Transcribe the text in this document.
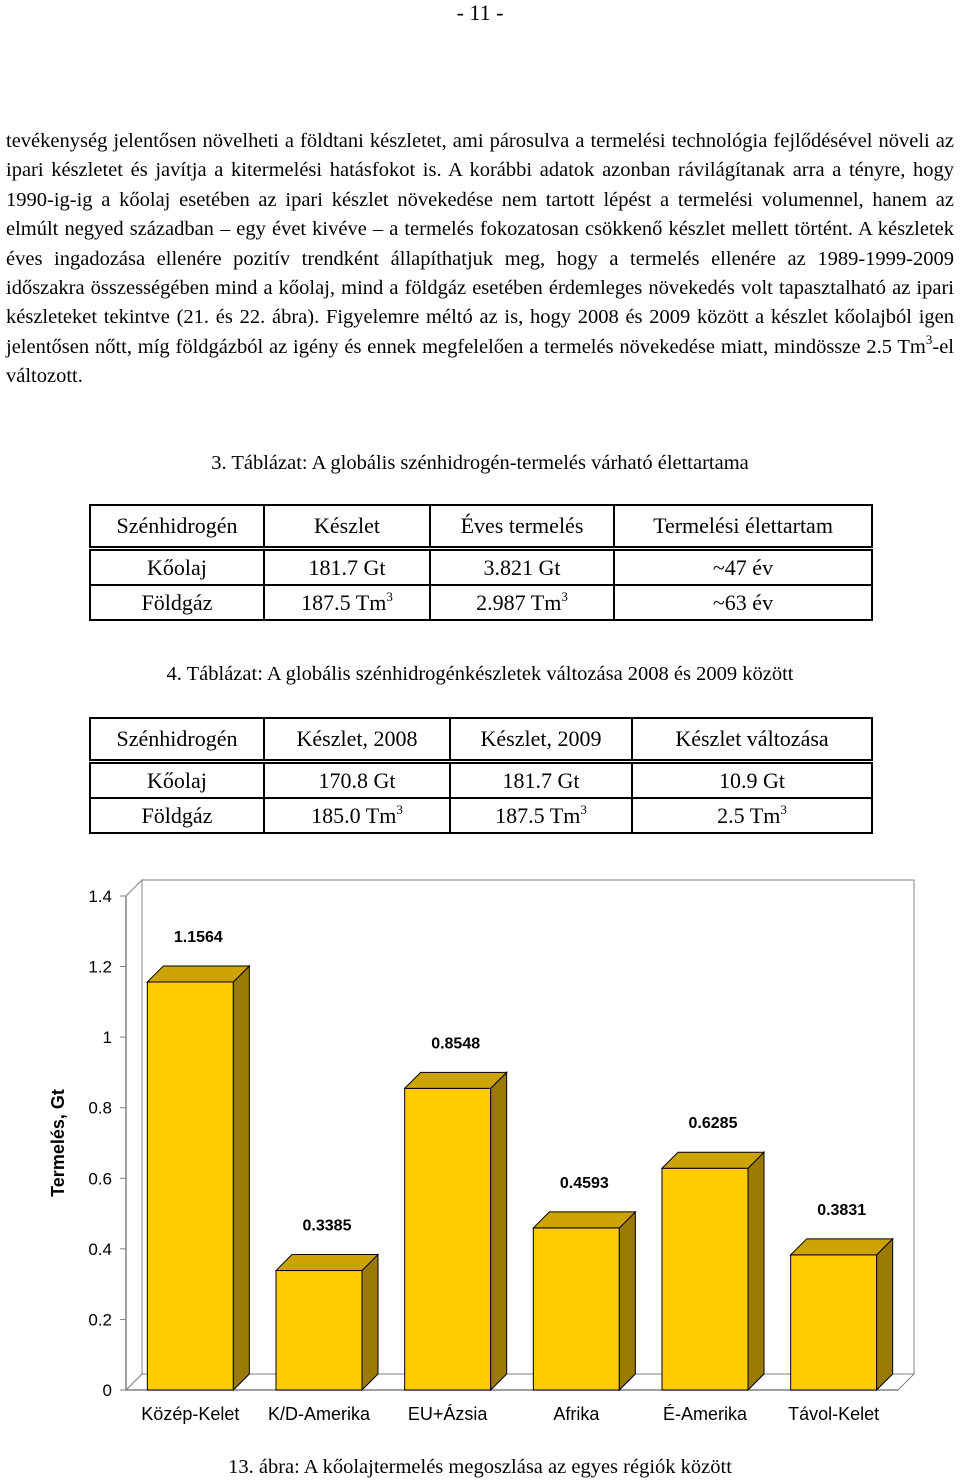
- 11 -

tevékenység jelentősen növelheti a földtani készletet, ami párosulva a termelési technológia fejlődésével növeli az ipari készletet és javítja a kitermelési hatásfokot is. A korábbi adatok azonban rávilágítanak arra a tényre, hogy 1990-ig-ig a kőolaj esetében az ipari készlet növekedése nem tartott lépést a termelési volumennel, hanem az elmúlt negyed században – egy évet kivéve – a termelés fokozatosan csökkenő készlet mellett történt. A készletek éves ingadozása ellenére pozitív trendként állapíthatjuk meg, hogy a termelés ellenére az 1989-1999-2009 időszakra összességében mind a kőolaj, mind a földgáz esetében érdemleges növekedés volt tapasztalható az ipari készleteket tekintve (21. és 22. ábra). Figyelemre méltó az is, hogy 2008 és 2009 között a készlet kőolajból igen jelentősen nőtt, míg földgázból az igény és ennek megfelelően a termelés növekedése miatt, mindössze 2.5 Tm$^3$-el változott.

3. Táblázat: A globális szénhidrogén-termelés várható élettartama
Szénhidrogén	Készlet	Éves termelés	Termelési élettartam
Kőolaj	181.7 Gt	3.821 Gt	~47 év
Földgáz	187.5 Tm$^3$	2.987 Tm$^3$	~63 év
4. Táblázat: A globális szénhidrogénkészletek változása 2008 és 2009 között
Szénhidrogén	Készlet, 2008	Készlet, 2009	Készlet változása
Kőolaj	170.8 Gt	181.7 Gt	10.9 Gt
Földgáz	185.0 Tm$^3$	187.5 Tm$^3$	2.5 Tm$^3$
0
0.2
0.4
0.6
0.8
1
1.2
1.4
Termelés, Gt
1.1564
Közép-Kelet
0.3385
K/D-Amerika
0.8548
EU+Ázsia
0.4593
Afrika
0.6285
É-Amerika
0.3831
Távol-Kelet
13. ábra: A kőolajtermelés megoszlása az egyes régiók között
